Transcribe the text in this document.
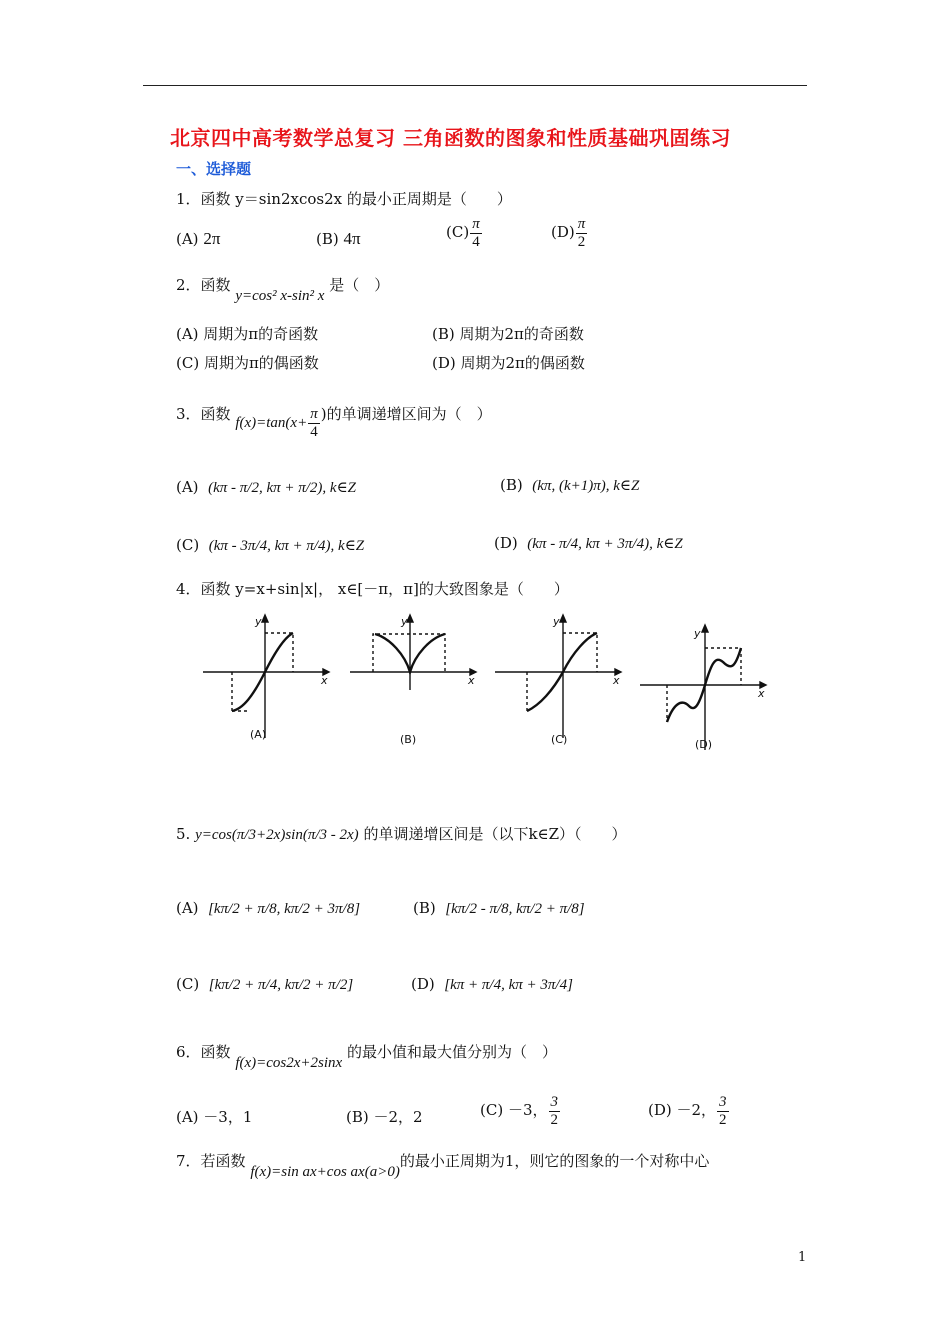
北京四中高考数学总复习 三角函数的图象和性质基础巩固练习
一、选择题
1．函数 y＝sin2xcos2x 的最小正周期是（　　）
(A) 2π	(B) 4π	$(C) \frac{\pi}{4}$	$(D) \frac{\pi}{2}$
2．函数 y=cos² x-sin² x 是（　）
(A) 周期为π的奇函数	(B) 周期为2π的奇函数
(C) 周期为π的偶函数	(D) 周期为2π的偶函数
3．函数 $f(x)=\tan(x+ \frac{\pi}{4}$ )的单调递增区间为（　）
(A) (kπ - π/2, kπ + π/2), k∈Z	(B) (kπ, (k+1)π), k∈Z
(C) (kπ - 3π/4, kπ + π/4), k∈Z	(D) (kπ - π/4, kπ + 3π/4), k∈Z
4．函数 y=x+sin|x|， x∈[－π，π]的大致图象是（　　）
x
y
x
y
x
y
x
y
(A)	(B)	(C)	(D)
5. y=cos(π/3+2x)sin(π/3 - 2x) 的单调递增区间是（以下k∈Z）（　　）
(A) [kπ/2 + π/8, kπ/2 + 3π/8]	(B) [kπ/2 - π/8, kπ/2 + π/8]
(C) [kπ/2 + π/4, kπ/2 + π/2]	(D) [kπ + π/4, kπ + 3π/4]
6．函数 f(x)=cos2x+2sinx 的最小值和最大值分别为（　）
(A) －3，1	(B) －2，2	(C) －3， $\frac{3}{2}$	(D) －2， $\frac{3}{2}$
7．若函数 f(x)=sin ax+cos ax(a>0)的最小正周期为1，则它的图象的一个对称中心
1
